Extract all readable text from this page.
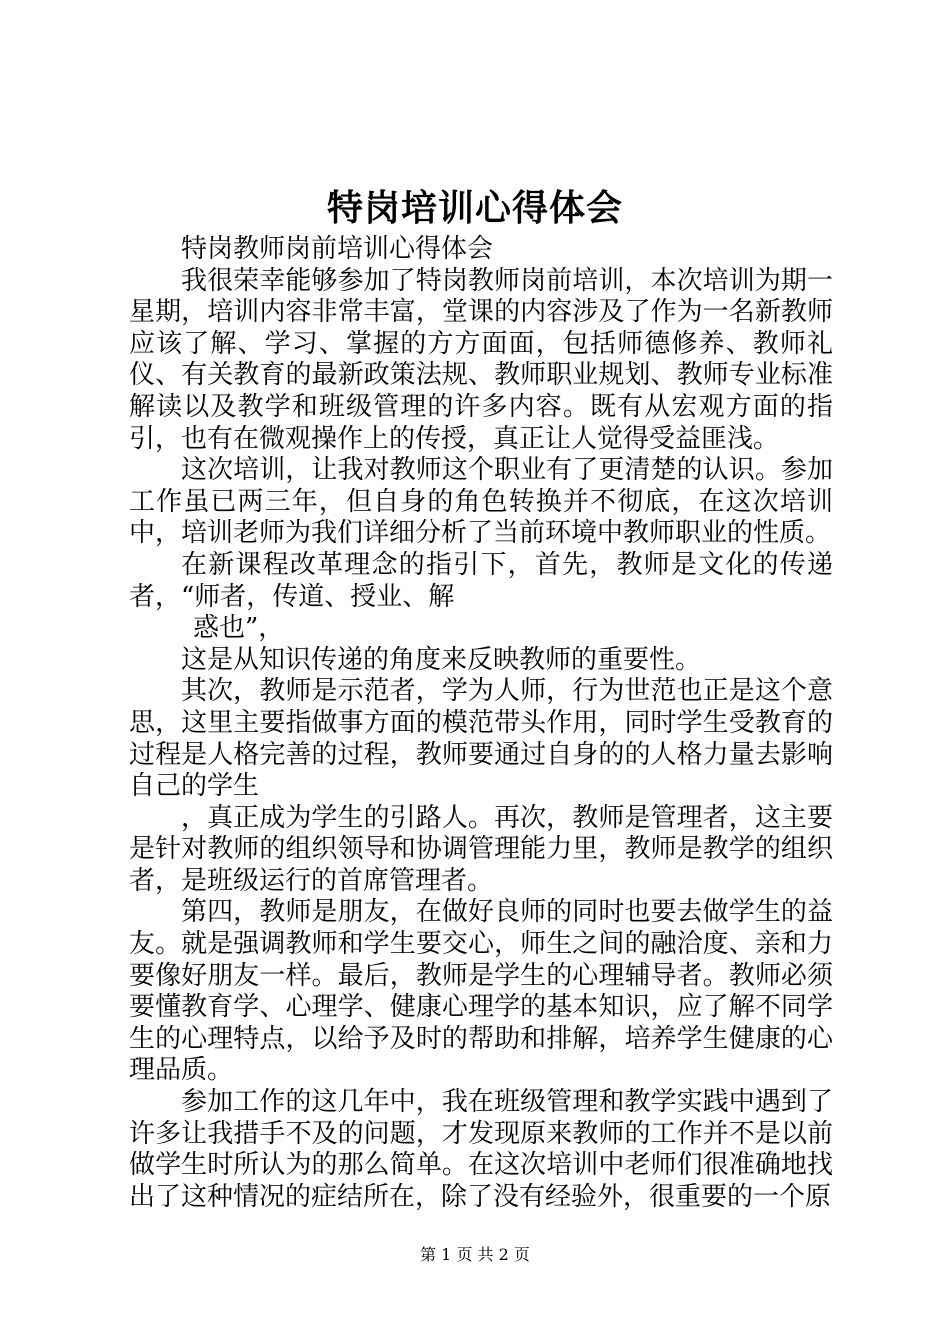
特岗培训心得体会

特岗教师岗前培训心得体会

我很荣幸能够参加了特岗教师岗前培训，本次培训为期一星期，培训内容非常丰富，堂课的内容涉及了作为一名新教师应该了解、学习、掌握的方方面面，包括师德修养、教师礼仪、有关教育的最新政策法规、教师职业规划、教师专业标准解读以及教学和班级管理的许多内容。既有从宏观方面的指引，也有在微观操作上的传授，真正让人觉得受益匪浅。

这次培训，让我对教师这个职业有了更清楚的认识。参加工作虽已两三年，但自身的角色转换并不彻底，在这次培训中，培训老师为我们详细分析了当前环境中教师职业的性质。

在新课程改革理念的指引下，首先，教师是文化的传递者，“师者，传道、授业、解

惑也”，

这是从知识传递的角度来反映教师的重要性。

其次，教师是示范者，学为人师，行为世范也正是这个意思，这里主要指做事方面的模范带头作用，同时学生受教育的过程是人格完善的过程，教师要通过自身的的人格力量去影响自己的学生

，真正成为学生的引路人。再次，教师是管理者，这主要是针对教师的组织领导和协调管理能力里，教师是教学的组织者，是班级运行的首席管理者。

第四，教师是朋友，在做好良师的同时也要去做学生的益友。就是强调教师和学生要交心，师生之间的融洽度、亲和力要像好朋友一样。最后，教师是学生的心理辅导者。教师必须要懂教育学、心理学、健康心理学的基本知识，应了解不同学生的心理特点，以给予及时的帮助和排解，培养学生健康的心理品质。

参加工作的这几年中，我在班级管理和教学实践中遇到了许多让我措手不及的问题，才发现原来教师的工作并不是以前做学生时所认为的那么简单。在这次培训中老师们很准确地找出了这种情况的症结所在，除了没有经验外，很重要的一个原

第 1 页 共 2 页
